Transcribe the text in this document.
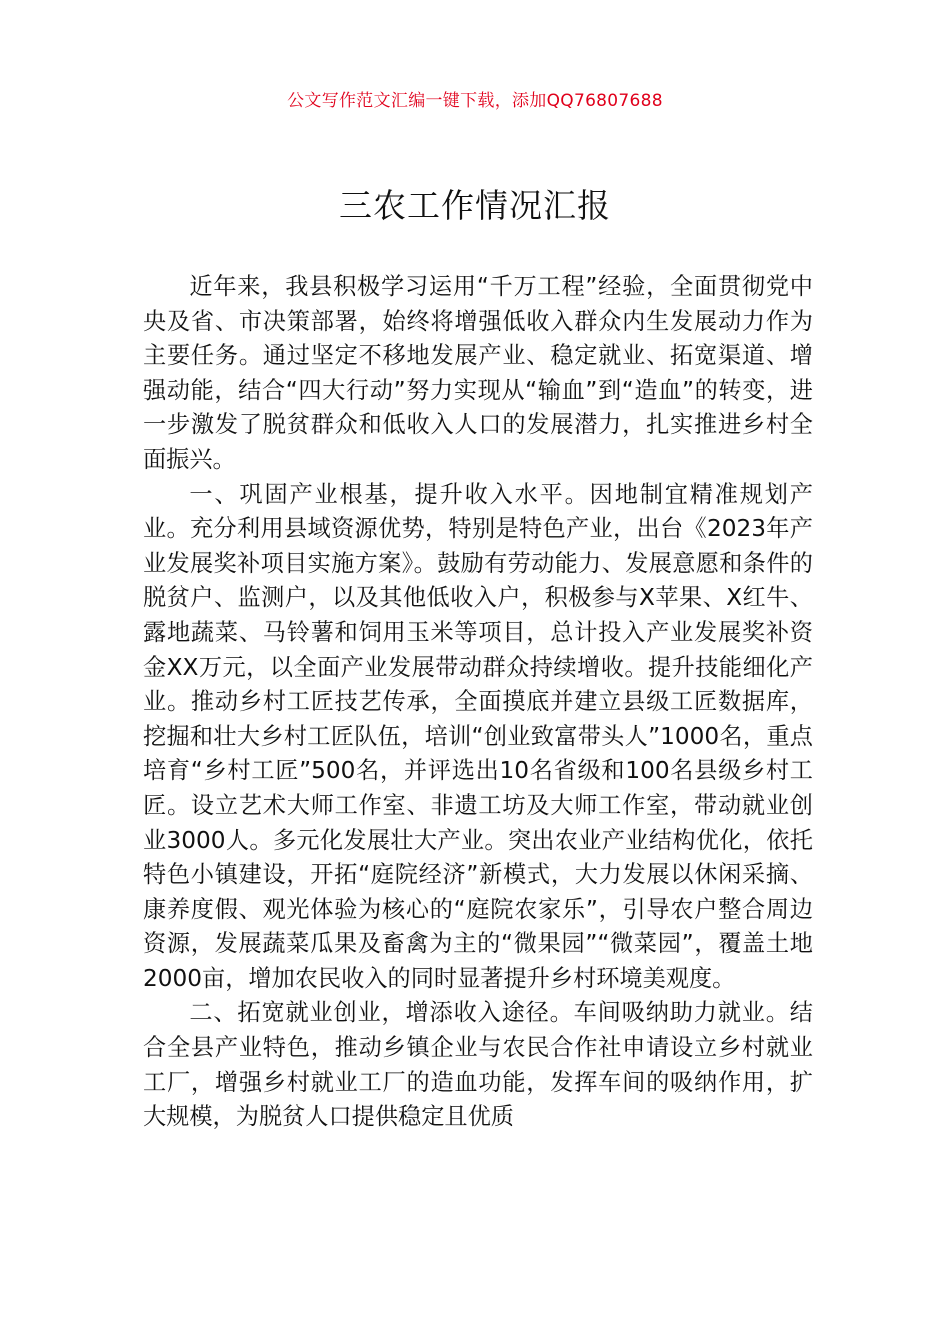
公文写作范文汇编一键下载，添加QQ76807688
三农工作情况汇报

近年来，我县积极学习运用“千万工程”经验，全面贯彻党中央及省、市决策部署，始终将增强低收入群众内生发展动力作为主要任务。通过坚定不移地发展产业、稳定就业、拓宽渠道、增强动能，结合“四大行动”努力实现从“输血”到“造血”的转变，进一步激发了脱贫群众和低收入人口的发展潜力，扎实推进乡村全面振兴。

一、巩固产业根基，提升收入水平。因地制宜精准规划产业。充分利用县域资源优势，特别是特色产业，出台《2023年产业发展奖补项目实施方案》。鼓励有劳动能力、发展意愿和条件的脱贫户、监测户，以及其他低收入户，积极参与X苹果、X红牛、露地蔬菜、马铃薯和饲用玉米等项目，总计投入产业发展奖补资金XX万元，以全面产业发展带动群众持续增收。提升技能细化产业。推动乡村工匠技艺传承，全面摸底并建立县级工匠数据库，挖掘和壮大乡村工匠队伍，培训“创业致富带头人”1000名，重点培育“乡村工匠”500名，并评选出10名省级和100名县级乡村工匠。设立艺术大师工作室、非遗工坊及大师工作室，带动就业创业3000人。多元化发展壮大产业。突出农业产业结构优化，依托特色小镇建设，开拓“庭院经济”新模式，大力发展以休闲采摘、康养度假、观光体验为核心的“庭院农家乐”，引导农户整合周边资源，发展蔬菜瓜果及畜禽为主的“微果园”“微菜园”，覆盖土地2000亩，增加农民收入的同时显著提升乡村环境美观度。

二、拓宽就业创业，增添收入途径。车间吸纳助力就业。结合全县产业特色，推动乡镇企业与农民合作社申请设立乡村就业工厂，增强乡村就业工厂的造血功能，发挥车间的吸纳作用，扩大规模，为脱贫人口提供稳定且优质
